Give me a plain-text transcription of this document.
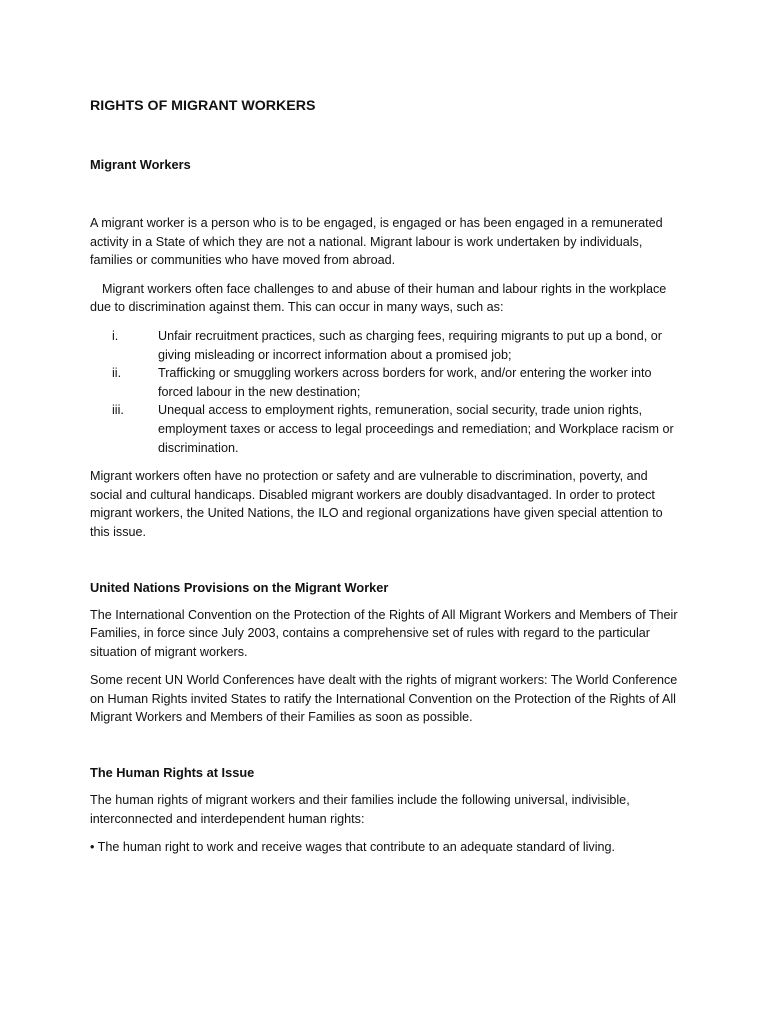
RIGHTS OF MIGRANT WORKERS
Migrant Workers

A migrant worker is a person who is to be engaged, is engaged or has been engaged in a remunerated activity in a State of which they are not a national. Migrant labour is work undertaken by individuals, families or communities who have moved from abroad.

Migrant workers often face challenges to and abuse of their human and labour rights in the workplace due to discrimination against them. This can occur in many ways, such as:

i.	Unfair recruitment practices, such as charging fees, requiring migrants to put up a bond, or giving misleading or incorrect information about a promised job;
ii.	Trafficking or smuggling workers across borders for work, and/or entering the worker into forced labour in the new destination;
iii.	Unequal access to employment rights, remuneration, social security, trade union rights, employment taxes or access to legal proceedings and remediation; and Workplace racism or discrimination.

Migrant workers often have no protection or safety and are vulnerable to discrimination, poverty, and social and cultural handicaps. Disabled migrant workers are doubly disadvantaged. In order to protect migrant workers, the United Nations, the ILO and regional organizations have given special attention to this issue.

United Nations Provisions on the Migrant Worker

The International Convention on the Protection of the Rights of All Migrant Workers and Members of Their Families, in force since July 2003, contains a comprehensive set of rules with regard to the particular situation of migrant workers.

Some recent UN World Conferences have dealt with the rights of migrant workers: The World Conference on Human Rights invited States to ratify the International Convention on the Protection of the Rights of All Migrant Workers and Members of their Families as soon as possible.

The Human Rights at Issue

The human rights of migrant workers and their families include the following universal, indivisible, interconnected and interdependent human rights:

• The human right to work and receive wages that contribute to an adequate standard of living.
